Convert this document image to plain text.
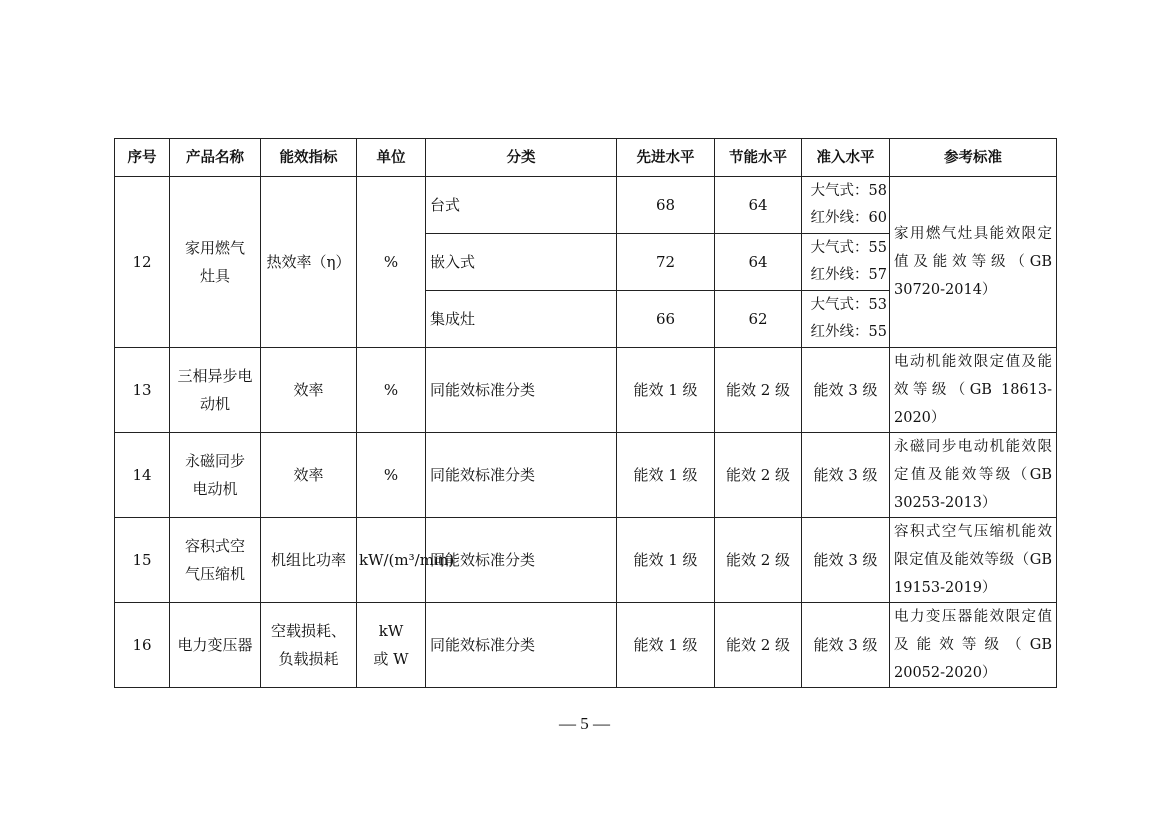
序号	产品名称	能效指标	单位	分类	先进水平	节能水平	准入水平	参考标准
12	家用燃气灶具	热效率（η）	%	台式	68	64	大气式：58
红外线：60	家用燃气灶具能效限定值及能效等级（GB 30720-2014）
				嵌入式	72	64	大气式：55
红外线：57	

				集成灶	66	62	大气式：53
红外线：55	

13	三相异步电动机	效率	%	同能效标准分类	能效 1 级	能效 2 级	能效 3 级	电动机能效限定值及能效等级（GB 18613-2020）
14	永磁同步电动机	效率	%	同能效标准分类	能效 1 级	能效 2 级	能效 3 级	永磁同步电动机能效限定值及能效等级（GB 30253-2013）
15	容积式空气压缩机	机组比功率	kW/(m³/min)	同能效标准分类	能效 1 级	能效 2 级	能效 3 级	容积式空气压缩机能效限定值及能效等级（GB 19153-2019）
16	电力变压器	空载损耗、负载损耗	kW 或 W	同能效标准分类	能效 1 级	能效 2 级	能效 3 级	电力变压器能效限定值及能效等级（GB 20052-2020）
— 5 —
